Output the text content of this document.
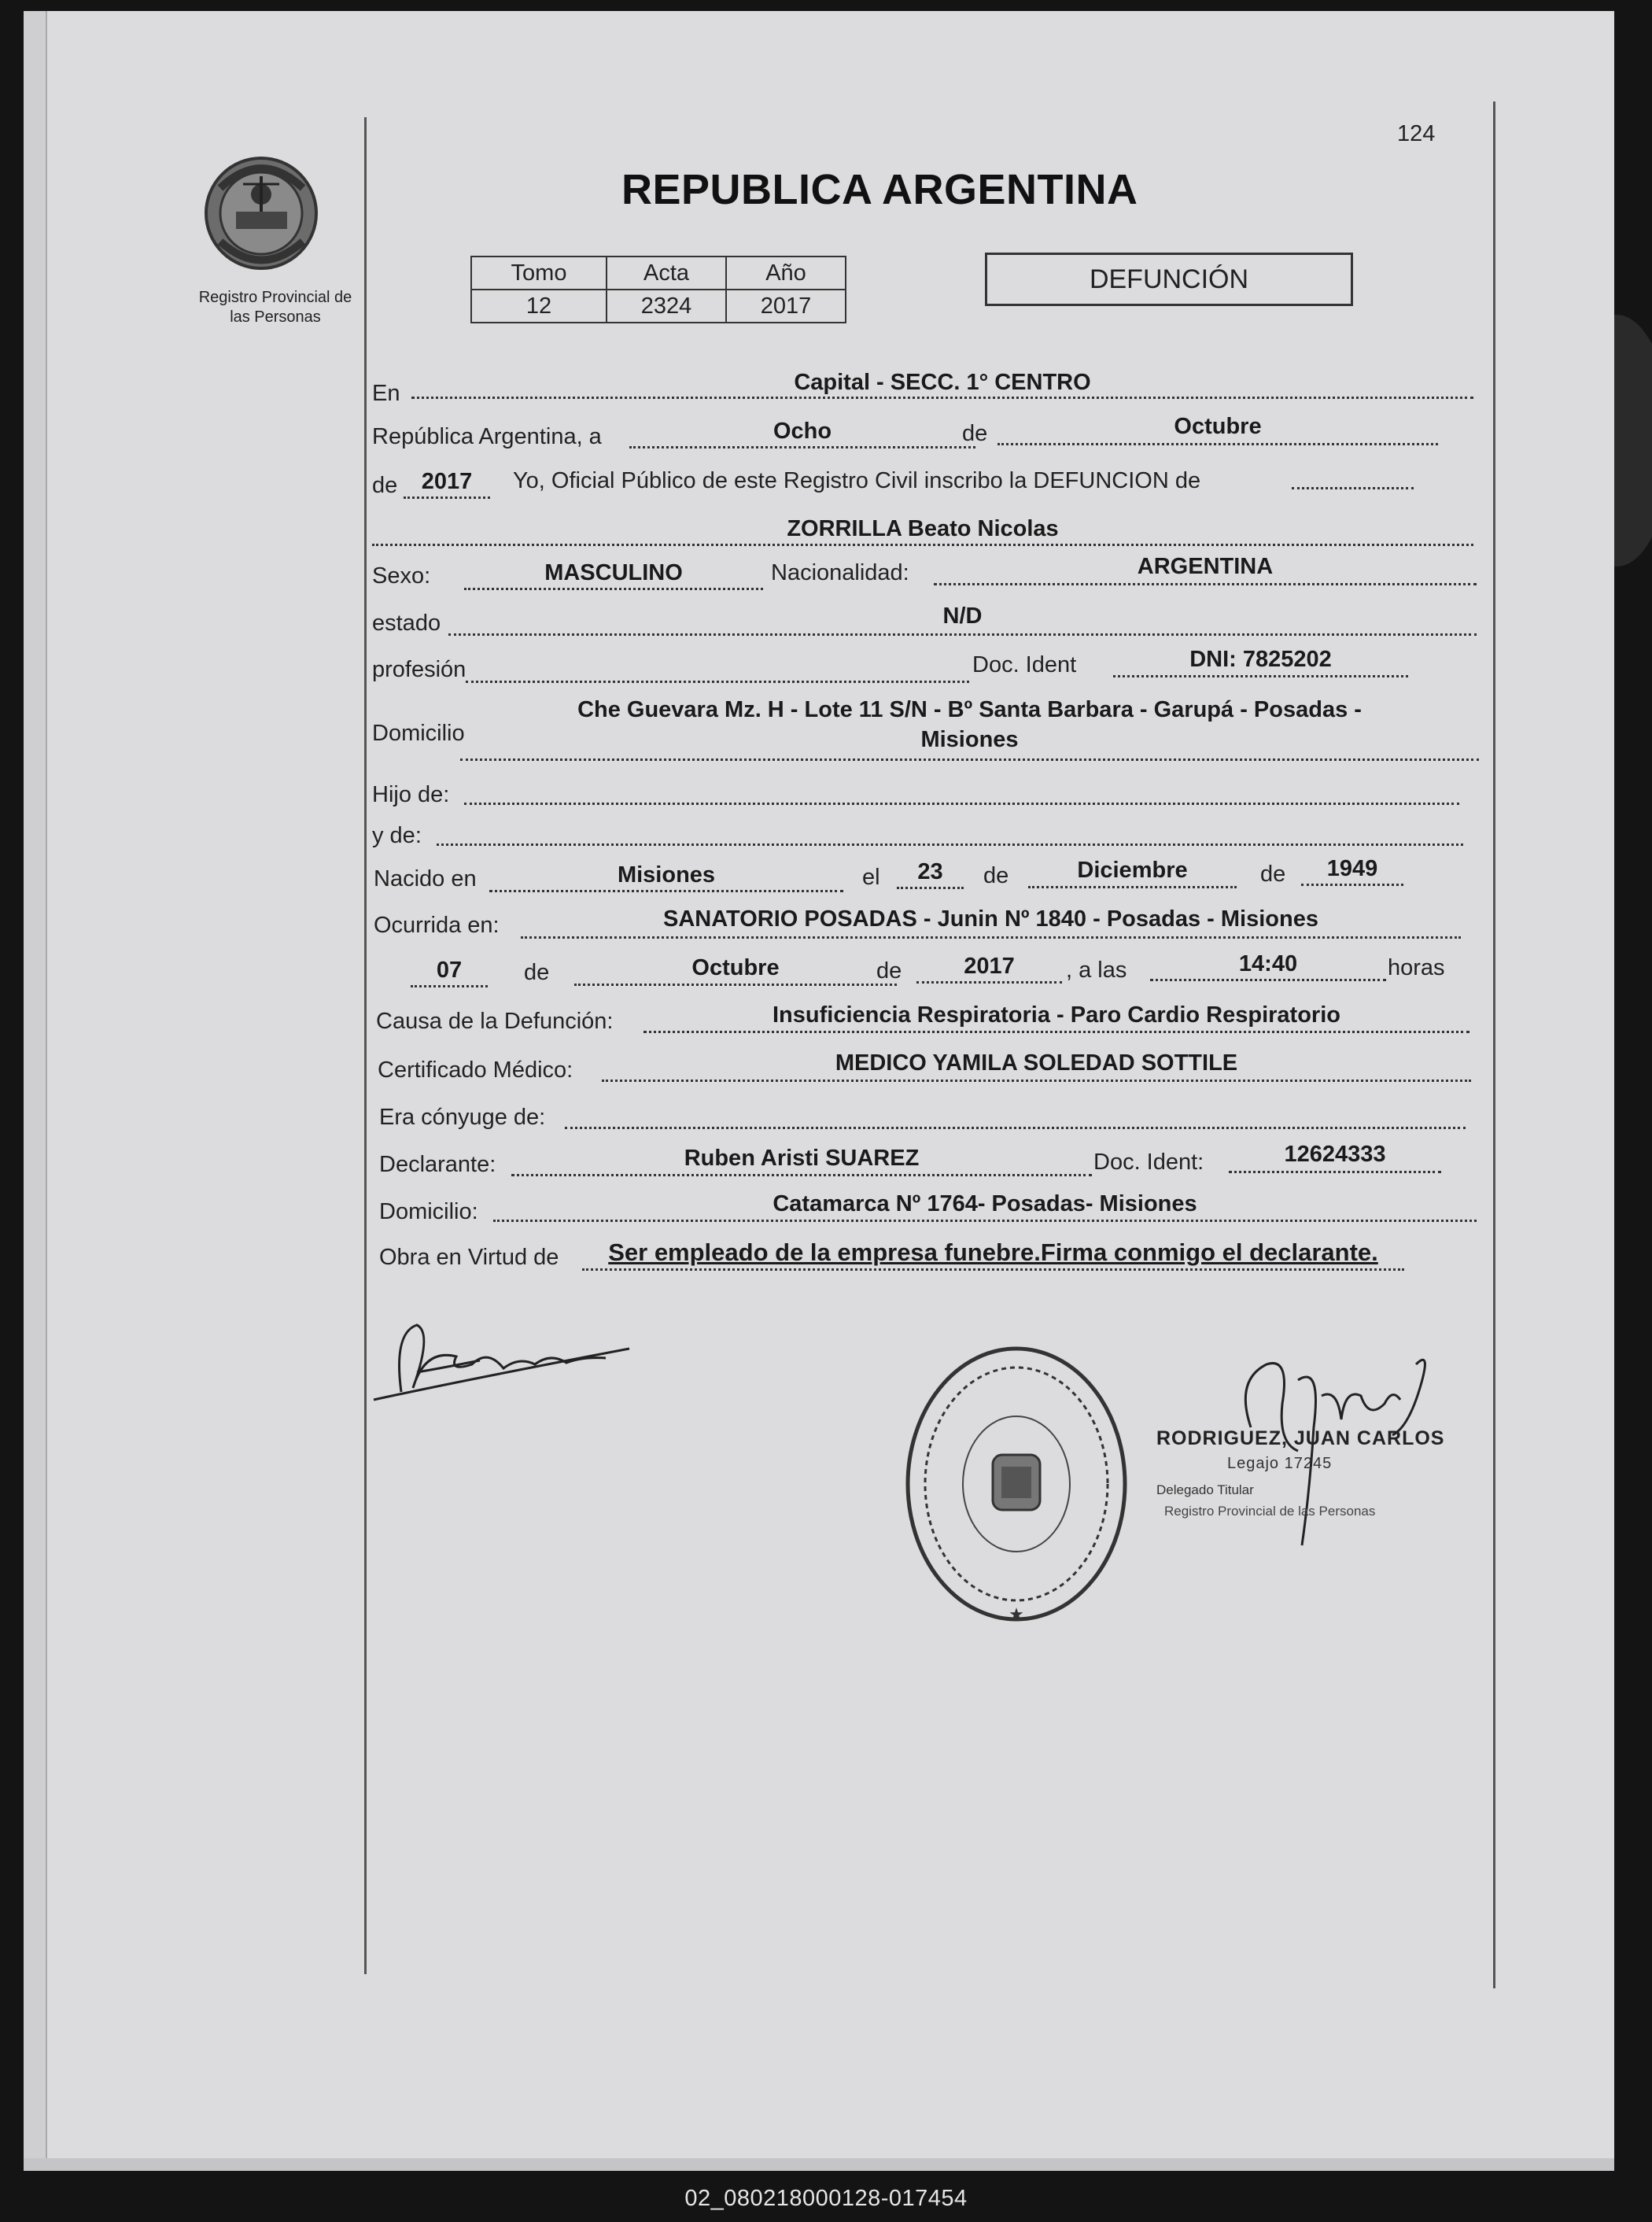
124
Registro Provincial de
las Personas
REPUBLICA ARGENTINA
Tomo	Acta	Año
12	2324	2017
DEFUNCIÓN
En	Capital - SECC. 1° CENTRO
República Argentina, a	Ocho	de	Octubre
de	2017	Yo, Oficial Público de este Registro Civil inscribo la DEFUNCION de
ZORRILLA Beato Nicolas
Sexo:	MASCULINO	Nacionalidad:	ARGENTINA
estado	N/D
profesión	Doc. Ident	DNI: 7825202
Domicilio
Che Guevara Mz. H - Lote 11 S/N - Bº Santa Barbara - Garupá - Posadas -
Misiones
Hijo de:
y de:
Nacido en	Misiones	el	23	de	Diciembre	de	1949
Ocurrida en:	SANATORIO POSADAS - Junin Nº 1840 - Posadas - Misiones
07	de	Octubre	de	2017	, a las	14:40	horas
Causa de la Defunción:	Insuficiencia Respiratoria - Paro Cardio Respiratorio
Certificado Médico:	MEDICO YAMILA SOLEDAD SOTTILE
Era cónyuge de:
Declarante:	Ruben Aristi SUAREZ	Doc. Ident:	12624333
Domicilio:	Catamarca Nº 1764- Posadas- Misiones
Obra en Virtud de	Ser empleado de la empresa funebre.Firma conmigo el declarante.
★
RODRIGUEZ, JUAN CARLOS
Legajo 17245
Delegado Titular
Registro Provincial de las Personas
02_080218000128-017454
